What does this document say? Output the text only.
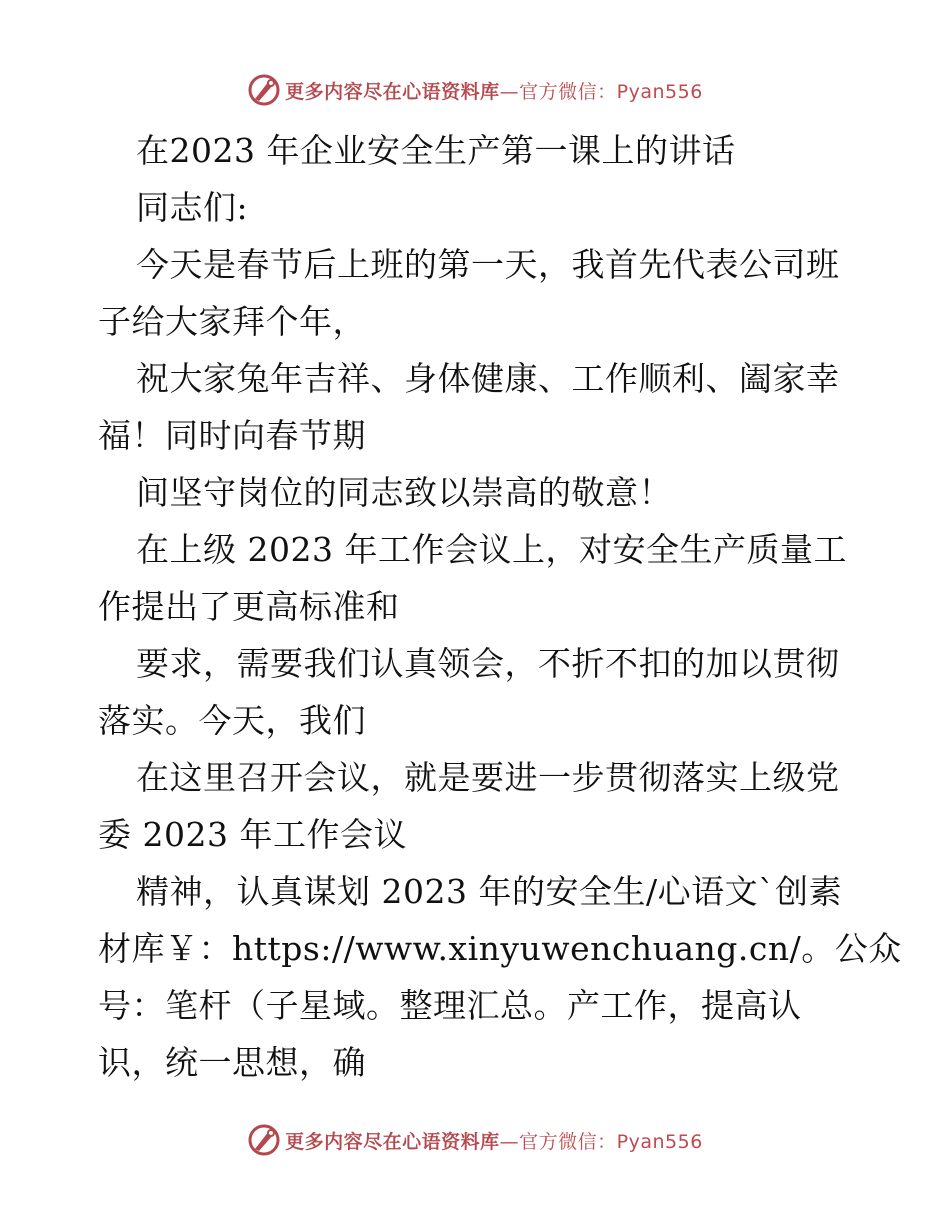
更多内容尽在心语资料库—官方微信：Pyan556

在2023 年企业安全生产第一课上的讲话

同志们:

今天是春节后上班的第一天，我首先代表公司班

子给大家拜个年，

祝大家兔年吉祥、身体健康、工作顺利、阖家幸

福！同时向春节期

间坚守岗位的同志致以崇高的敬意！

在上级 2023 年工作会议上，对安全生产质量工

作提出了更高标准和

要求，需要我们认真领会，不折不扣的加以贯彻

落实。今天，我们

在这里召开会议，就是要进一步贯彻落实上级党

委 2023 年工作会议

精神，认真谋划 2023 年的安全生/心语文`创素

材库￥：https://www.xinyuwenchuang.cn/。公众

号：笔杆（子星域。整理汇总。产工作，提高认

识，统一思想，确

更多内容尽在心语资料库—官方微信：Pyan556
